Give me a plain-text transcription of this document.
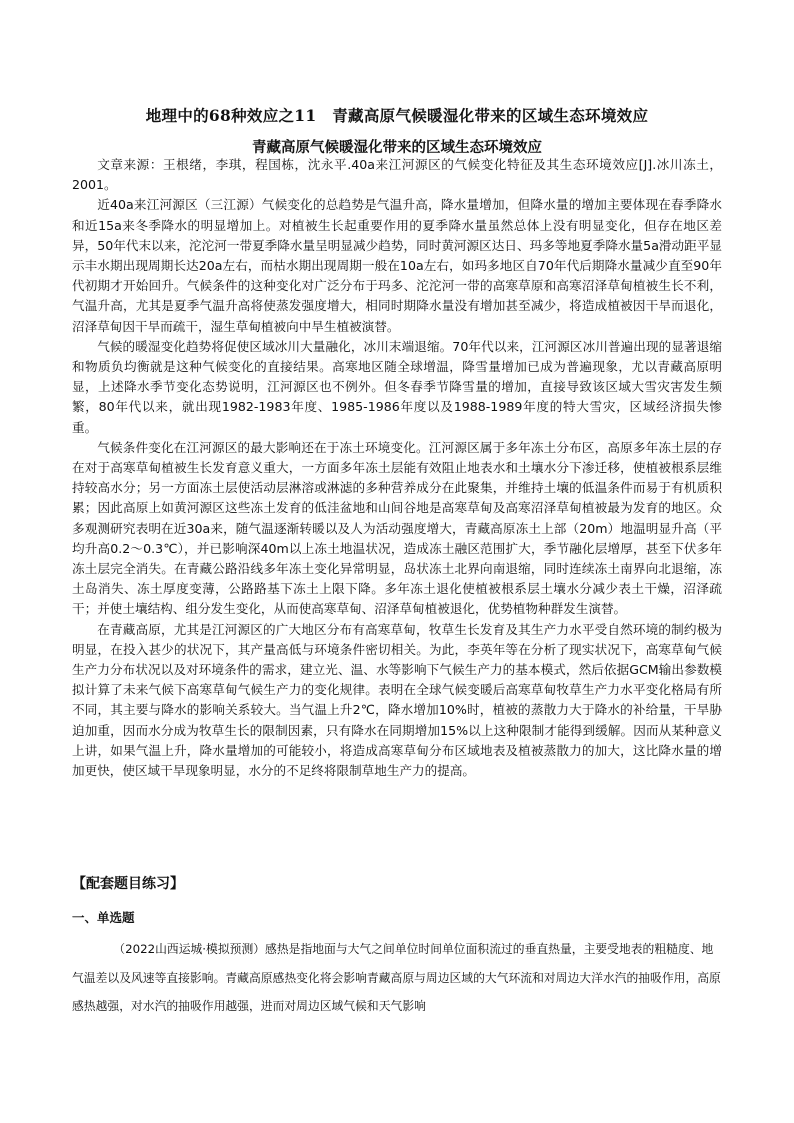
地理中的68种效应之11　青藏高原气候暖湿化带来的区域生态环境效应
青藏高原气候暖湿化带来的区域生态环境效应

文章来源：王根绪，李琪，程国栋，沈永平.40a来江河源区的气候变化特征及其生态环境效应[J].冰川冻土，2001。

近40a来江河源区（三江源）气候变化的总趋势是气温升高，降水量增加，但降水量的增加主要体现在春季降水和近15a来冬季降水的明显增加上。对植被生长起重要作用的夏季降水量虽然总体上没有明显变化，但存在地区差异，50年代末以来，沱沱河一带夏季降水量呈明显减少趋势，同时黄河源区达日、玛多等地夏季降水量5a滑动距平显示丰水期出现周期长达20a左右，而枯水期出现周期一般在10a左右，如玛多地区自70年代后期降水量减少直至90年代初期才开始回升。气候条件的这种变化对广泛分布于玛多、沱沱河一带的高寒草原和高寒沼泽草甸植被生长不利，气温升高，尤其是夏季气温升高将使蒸发强度增大，相同时期降水量没有增加甚至减少，将造成植被因干旱而退化，沼泽草甸因干旱而疏干，湿生草甸植被向中旱生植被演替。

气候的暖湿变化趋势将促使区域冰川大量融化，冰川末端退缩。70年代以来，江河源区冰川普遍出现的显著退缩和物质负均衡就是这种气候变化的直接结果。高寒地区随全球增温，降雪量增加已成为普遍现象，尤以青藏高原明显，上述降水季节变化态势说明，江河源区也不例外。但冬春季节降雪量的增加，直接导致该区域大雪灾害发生频繁，80年代以来，就出现1982-1983年度、1985-1986年度以及1988-1989年度的特大雪灾，区域经济损失惨重。

气候条件变化在江河源区的最大影响还在于冻土环境变化。江河源区属于多年冻土分布区，高原多年冻土层的存在对于高寒草甸植被生长发育意义重大，一方面多年冻土层能有效阻止地表水和土壤水分下渗迁移，使植被根系层维持较高水分；另一方面冻土层使活动层淋溶或淋滤的多种营养成分在此聚集，并维持土壤的低温条件而易于有机质积累；因此高原上如黄河源区这些冻土发育的低洼盆地和山间谷地是高寒草甸及高寒沼泽草甸植被最为发育的地区。众多观测研究表明在近30a来，随气温逐渐转暖以及人为活动强度增大，青藏高原冻土上部（20m）地温明显升高（平均升高0.2～0.3℃），并已影响深40m以上冻土地温状况，造成冻土融区范围扩大，季节融化层增厚，甚至下伏多年冻土层完全消失。在青藏公路沿线多年冻土变化异常明显，岛状冻土北界向南退缩，同时连续冻土南界向北退缩，冻土岛消失、冻土厚度变薄，公路路基下冻土上限下降。多年冻土退化使植被根系层土壤水分减少表土干燥，沼泽疏干；并使土壤结构、组分发生变化，从而使高寒草甸、沼泽草甸植被退化，优势植物种群发生演替。

在青藏高原，尤其是江河源区的广大地区分布有高寒草甸，牧草生长发育及其生产力水平受自然环境的制约极为明显，在投入甚少的状况下，其产量高低与环境条件密切相关。为此，李英年等在分析了现实状况下，高寒草甸气候生产力分布状况以及对环境条件的需求，建立光、温、水等影响下气候生产力的基本模式，然后依据GCM输出参数模拟计算了未来气候下高寒草甸气候生产力的变化规律。表明在全球气候变暖后高寒草甸牧草生产力水平变化格局有所不同，其主要与降水的影响关系较大。当气温上升2℃，降水增加10%时，植被的蒸散力大于降水的补给量，干旱胁迫加重，因而水分成为牧草生长的限制因素，只有降水在同期增加15%以上这种限制才能得到缓解。因而从某种意义上讲，如果气温上升，降水量增加的可能较小，将造成高寒草甸分布区域地表及植被蒸散力的加大，这比降水量的增加更快，使区域干旱现象明显，水分的不足终将限制草地生产力的提高。

【配套题目练习】
一、单选题

（2022山西运城·模拟预测）感热是指地面与大气之间单位时间单位面积流过的垂直热量，主要受地表的粗糙度、地气温差以及风速等直接影响。青藏高原感热变化将会影响青藏高原与周边区域的大气环流和对周边大洋水汽的抽吸作用，高原感热越强，对水汽的抽吸作用越强，进而对周边区域气候和天气影响
